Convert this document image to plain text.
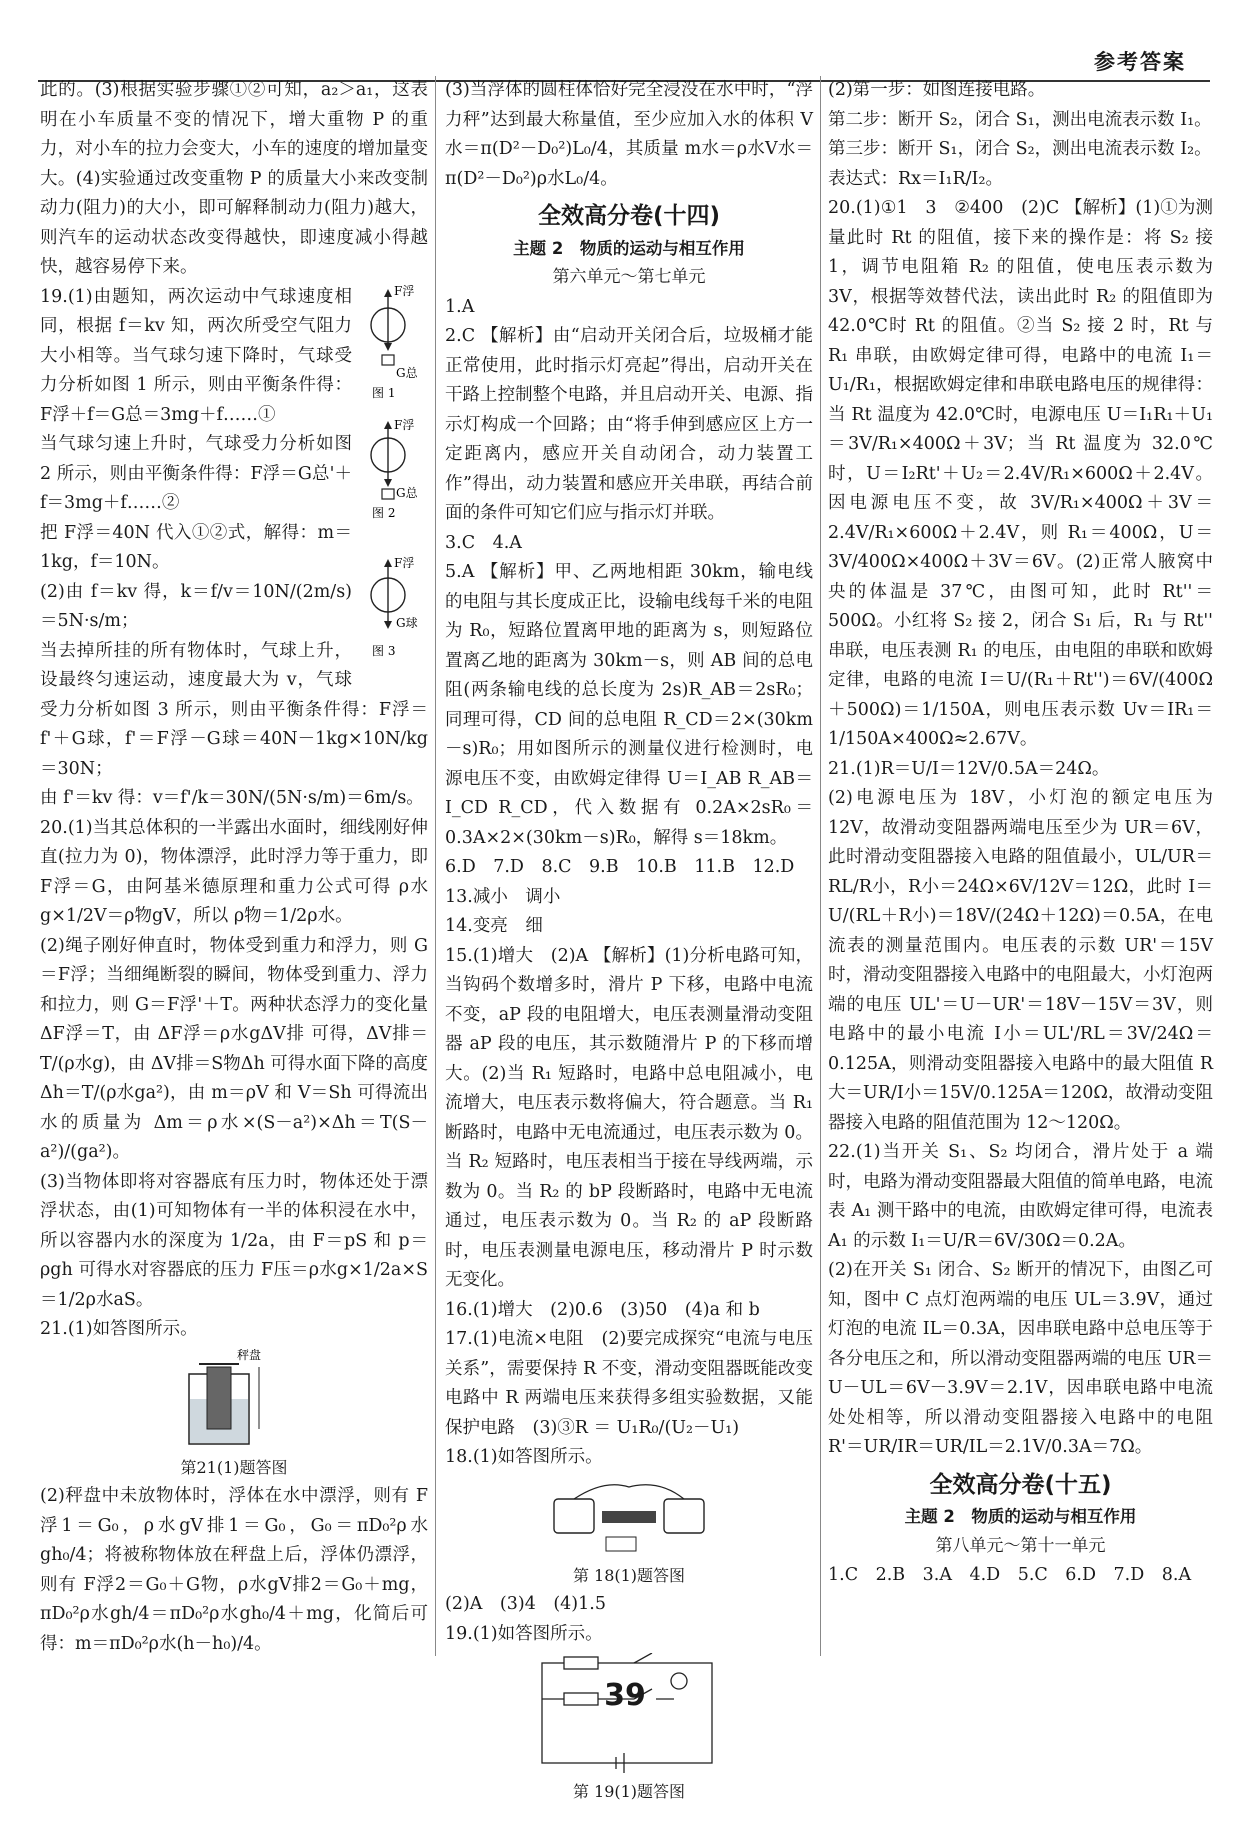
参考答案

此的。(3)根据实验步骤①②可知，a₂＞a₁，这表明在小车质量不变的情况下，增大重物 P 的重力，对小车的拉力会变大，小车的速度的增加量变大。(4)实验通过改变重物 P 的质量大小来改变制动力(阻力)的大小，即可解释制动力(阻力)越大，则汽车的运动状态改变得越快，即速度减小得越快，越容易停下来。

F浮
G总
图 1
F浮
G总
图 2
F浮
G球
图 3

19.(1)由题知，两次运动中气球速度相同，根据 f＝kv 知，两次所受空气阻力大小相等。当气球匀速下降时，气球受力分析如图 1 所示，则由平衡条件得：F浮＋f＝G总＝3mg＋f……①

当气球匀速上升时，气球受力分析如图 2 所示，则由平衡条件得：F浮＝G总'＋f＝3mg＋f……②

把 F浮＝40N 代入①②式，解得：m＝1kg，f＝10N。

(2)由 f＝kv 得，k＝f/v＝10N/(2m/s)＝5N·s/m；

当去掉所挂的所有物体时，气球上升，设最终匀速运动，速度最大为 v，气球受力分析如图 3 所示，则由平衡条件得：F浮＝f'＋G球，f'＝F浮－G球＝40N－1kg×10N/kg＝30N；

由 f'＝kv 得：v＝f'/k＝30N/(5N·s/m)＝6m/s。

20.(1)当其总体积的一半露出水面时，细线刚好伸直(拉力为 0)，物体漂浮，此时浮力等于重力，即 F浮＝G，由阿基米德原理和重力公式可得 ρ水g×1/2V＝ρ物gV，所以 ρ物＝1/2ρ水。

(2)绳子刚好伸直时，物体受到重力和浮力，则 G＝F浮；当细绳断裂的瞬间，物体受到重力、浮力和拉力，则 G＝F浮'＋T。两种状态浮力的变化量 ΔF浮＝T，由 ΔF浮＝ρ水gΔV排 可得，ΔV排＝T/(ρ水g)，由 ΔV排＝S物Δh 可得水面下降的高度 Δh＝T/(ρ水ga²)，由 m＝ρV 和 V＝Sh 可得流出水的质量为 Δm＝ρ水×(S－a²)×Δh＝T(S－a²)/(ga²)。

(3)当物体即将对容器底有压力时，物体还处于漂浮状态，由(1)可知物体有一半的体积浸在水中，所以容器内水的深度为 1/2a，由 F＝pS 和 p＝ρgh 可得水对容器底的压力 F压＝ρ水g×1/2a×S＝1/2ρ水aS。

21.(1)如答图所示。

秤盘
第21(1)题答图

(2)秤盘中未放物体时，浮体在水中漂浮，则有 F浮1＝G₀，ρ水gV排1＝G₀，G₀＝πD₀²ρ水gh₀/4；将被称物体放在秤盘上后，浮体仍漂浮，则有 F浮2＝G₀＋G物，ρ水gV排2＝G₀＋mg，πD₀²ρ水gh/4＝πD₀²ρ水gh₀/4＋mg，化简后可得：m＝πD₀²ρ水(h－h₀)/4。

(3)当浮体的圆柱体恰好完全浸没在水中时，“浮力秤”达到最大称量值，至少应加入水的体积 V水＝π(D²－D₀²)L₀/4，其质量 m水＝ρ水V水＝π(D²－D₀²)ρ水L₀/4。

全效高分卷(十四)
主题 2　物质的运动与相互作用
第六单元～第七单元

1.A

2.C 【解析】由“启动开关闭合后，垃圾桶才能正常使用，此时指示灯亮起”得出，启动开关在干路上控制整个电路，并且启动开关、电源、指示灯构成一个回路；由“将手伸到感应区上方一定距离内，感应开关自动闭合，动力装置工作”得出，动力装置和感应开关串联，再结合前面的条件可知它们应与指示灯并联。

3.C　4.A

5.A 【解析】甲、乙两地相距 30km，输电线的电阻与其长度成正比，设输电线每千米的电阻为 R₀，短路位置离甲地的距离为 s，则短路位置离乙地的距离为 30km－s，则 AB 间的总电阻(两条输电线的总长度为 2s)R_AB＝2sR₀；同理可得，CD 间的总电阻 R_CD＝2×(30km－s)R₀；用如图所示的测量仪进行检测时，电源电压不变，由欧姆定律得 U＝I_AB R_AB＝I_CD R_CD，代入数据有 0.2A×2sR₀＝0.3A×2×(30km－s)R₀，解得 s＝18km。

6.D　7.D　8.C　9.B　10.B　11.B　12.D

13.减小　调小

14.变亮　细

15.(1)增大　(2)A 【解析】(1)分析电路可知，当钩码个数增多时，滑片 P 下移，电路中电流不变，aP 段的电阻增大，电压表测量滑动变阻器 aP 段的电压，其示数随滑片 P 的下移而增大。(2)当 R₁ 短路时，电路中总电阻减小，电流增大，电压表示数将偏大，符合题意。当 R₁ 断路时，电路中无电流通过，电压表示数为 0。当 R₂ 短路时，电压表相当于接在导线两端，示数为 0。当 R₂ 的 bP 段断路时，电路中无电流通过，电压表示数为 0。当 R₂ 的 aP 段断路时，电压表测量电源电压，移动滑片 P 时示数无变化。

16.(1)增大　(2)0.6　(3)50　(4)a 和 b

17.(1)电流×电阻　(2)要完成探究“电流与电压关系”，需要保持 R 不变，滑动变阻器既能改变电路中 R 两端电压来获得多组实验数据，又能保护电路　(3)③R ＝ U₁R₀/(U₂－U₁)

18.(1)如答图所示。

第 18(1)题答图

(2)A　(3)4　(4)1.5

19.(1)如答图所示。

第 19(1)题答图

(2)第一步：如图连接电路。

第二步：断开 S₂，闭合 S₁，测出电流表示数 I₁。

第三步：断开 S₁，闭合 S₂，测出电流表示数 I₂。

表达式：Rx＝I₁R/I₂。

20.(1)①1　3　②400　(2)C 【解析】(1)①为测量此时 Rt 的阻值，接下来的操作是：将 S₂ 接 1，调节电阻箱 R₂ 的阻值，使电压表示数为 3V，根据等效替代法，读出此时 R₂ 的阻值即为 42.0℃时 Rt 的阻值。②当 S₂ 接 2 时，Rt 与 R₁ 串联，由欧姆定律可得，电路中的电流 I₁＝U₁/R₁，根据欧姆定律和串联电路电压的规律得：当 Rt 温度为 42.0℃时，电源电压 U＝I₁R₁＋U₁＝3V/R₁×400Ω＋3V；当 Rt 温度为 32.0℃时，U＝I₂Rt'＋U₂＝2.4V/R₁×600Ω＋2.4V。因电源电压不变，故 3V/R₁×400Ω＋3V＝2.4V/R₁×600Ω＋2.4V，则 R₁＝400Ω，U＝3V/400Ω×400Ω＋3V＝6V。(2)正常人腋窝中央的体温是 37℃，由图可知，此时 Rt''＝500Ω。小红将 S₂ 接 2，闭合 S₁ 后，R₁ 与 Rt'' 串联，电压表测 R₁ 的电压，由电阻的串联和欧姆定律，电路的电流 I＝U/(R₁＋Rt'')＝6V/(400Ω＋500Ω)＝1/150A，则电压表示数 Uv＝IR₁＝1/150A×400Ω≈2.67V。

21.(1)R＝U/I＝12V/0.5A＝24Ω。

(2)电源电压为 18V，小灯泡的额定电压为 12V，故滑动变阻器两端电压至少为 UR＝6V，此时滑动变阻器接入电路的阻值最小，UL/UR＝RL/R小，R小＝24Ω×6V/12V＝12Ω，此时 I＝U/(RL＋R小)＝18V/(24Ω＋12Ω)＝0.5A，在电流表的测量范围内。电压表的示数 UR'＝15V 时，滑动变阻器接入电路中的电阻最大，小灯泡两端的电压 UL'＝U－UR'＝18V－15V＝3V，则电路中的最小电流 I小＝UL'/RL＝3V/24Ω＝0.125A，则滑动变阻器接入电路中的最大阻值 R大＝UR/I小＝15V/0.125A＝120Ω，故滑动变阻器接入电路的阻值范围为 12～120Ω。

22.(1)当开关 S₁、S₂ 均闭合，滑片处于 a 端时，电路为滑动变阻器最大阻值的简单电路，电流表 A₁ 测干路中的电流，由欧姆定律可得，电流表 A₁ 的示数 I₁＝U/R＝6V/30Ω＝0.2A。

(2)在开关 S₁ 闭合、S₂ 断开的情况下，由图乙可知，图中 C 点灯泡两端的电压 UL＝3.9V，通过灯泡的电流 IL＝0.3A，因串联电路中总电压等于各分电压之和，所以滑动变阻器两端的电压 UR＝U－UL＝6V－3.9V＝2.1V，因串联电路中电流处处相等，所以滑动变阻器接入电路中的电阻 R'＝UR/IR＝UR/IL＝2.1V/0.3A＝7Ω。

全效高分卷(十五)
主题 2　物质的运动与相互作用
第八单元～第十一单元

1.C　2.B　3.A　4.D　5.C　6.D　7.D　8.A

39
